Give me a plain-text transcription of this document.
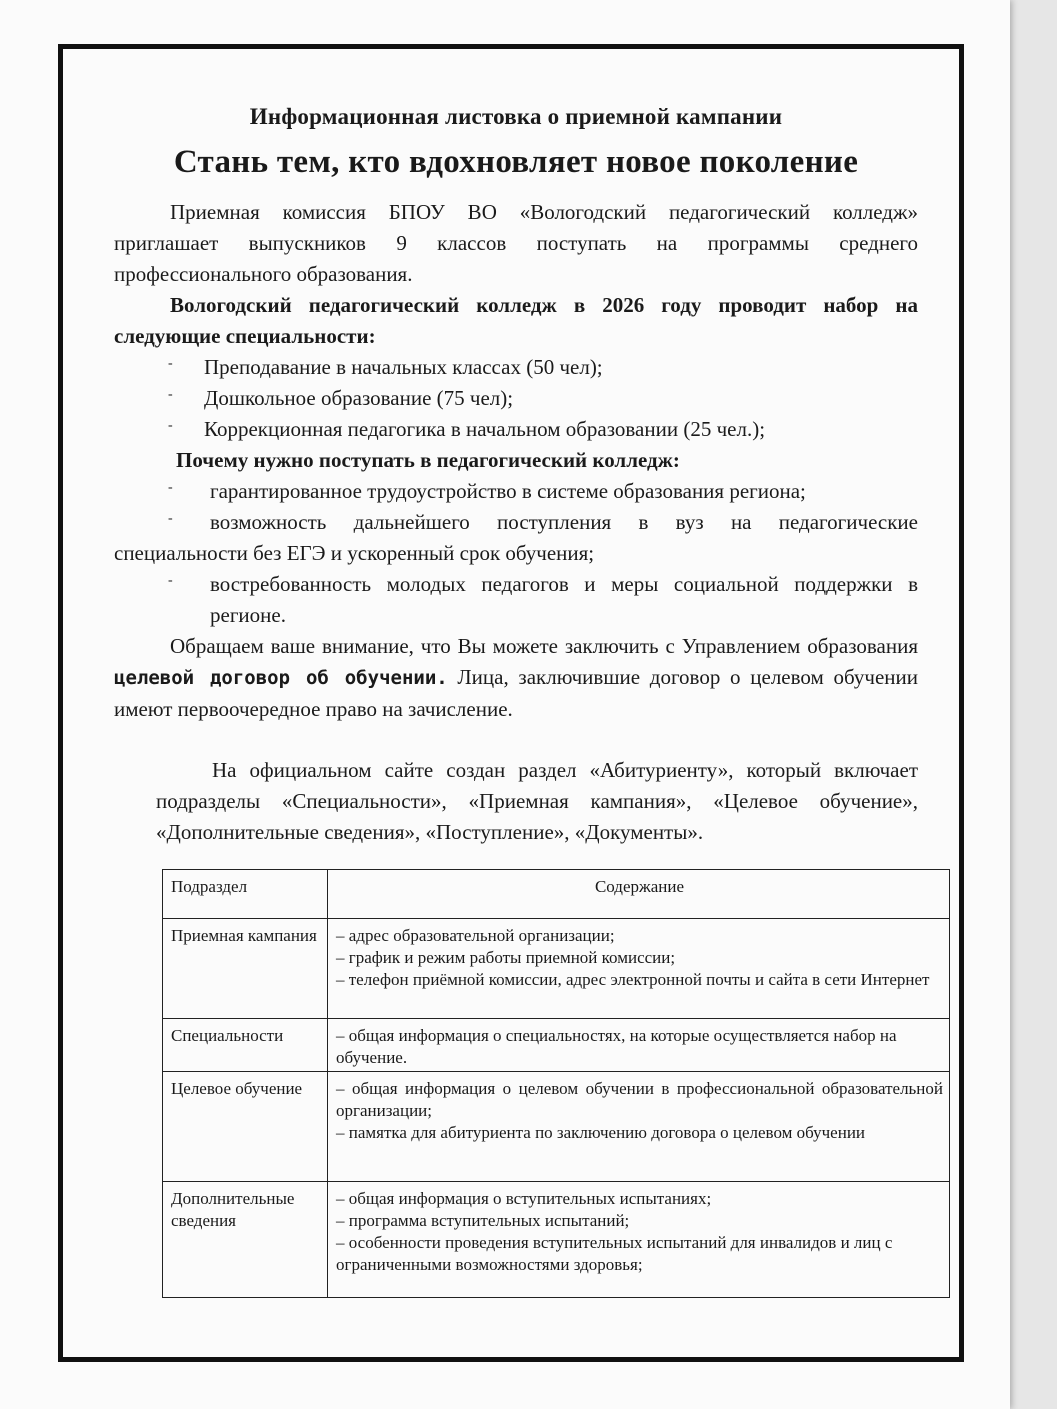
Информационная листовка о приемной кампании
Стань тем, кто вдохновляет новое поколение

Приемная комиссия БПОУ ВО «Вологодский педагогический колледж» приглашает выпускников 9 классов поступать на программы среднего профессионального образования.

Вологодский педагогический колледж в 2026 году проводит набор на следующие специальности:

- Преподавание в начальных классах (50 чел);
- Дошкольное образование (75 чел);
- Коррекционная педагогика в начальном образовании (25 чел.);

Почему нужно поступать в педагогический колледж:

- гарантированное трудоустройство в системе образования региона;
- возможность дальнейшего поступления в вуз на педагогические специальности без ЕГЭ и ускоренный срок обучения;
- востребованность молодых педагогов и меры социальной поддержки в регионе.

Обращаем ваше внимание, что Вы можете заключить с Управлением образования целевой договор об обучении. Лица, заключившие договор о целевом обучении имеют первоочередное право на зачисление.

На официальном сайте создан раздел «Абитуриенту», который включает подразделы «Специальности», «Приемная кампания», «Целевое обучение», «Дополнительные сведения», «Поступление», «Документы».

Подраздел	Содержание
Приемная кампания	– адрес образовательной организации;
– график и режим работы приемной комиссии;
– телефон приёмной комиссии, адрес электронной почты и сайта в сети Интернет

Специальности	– общая информация о специальностях, на которые осуществляется набор на обучение.

Целевое обучение	– общая информация о целевом обучении в профессиональной образовательной организации;
– памятка для абитуриента по заключению договора о целевом обучении

Дополнительные сведения	– общая информация о вступительных испытаниях;
– программа вступительных испытаний;
– особенности проведения вступительных испытаний для инвалидов и лиц с ограниченными возможностями здоровья;
